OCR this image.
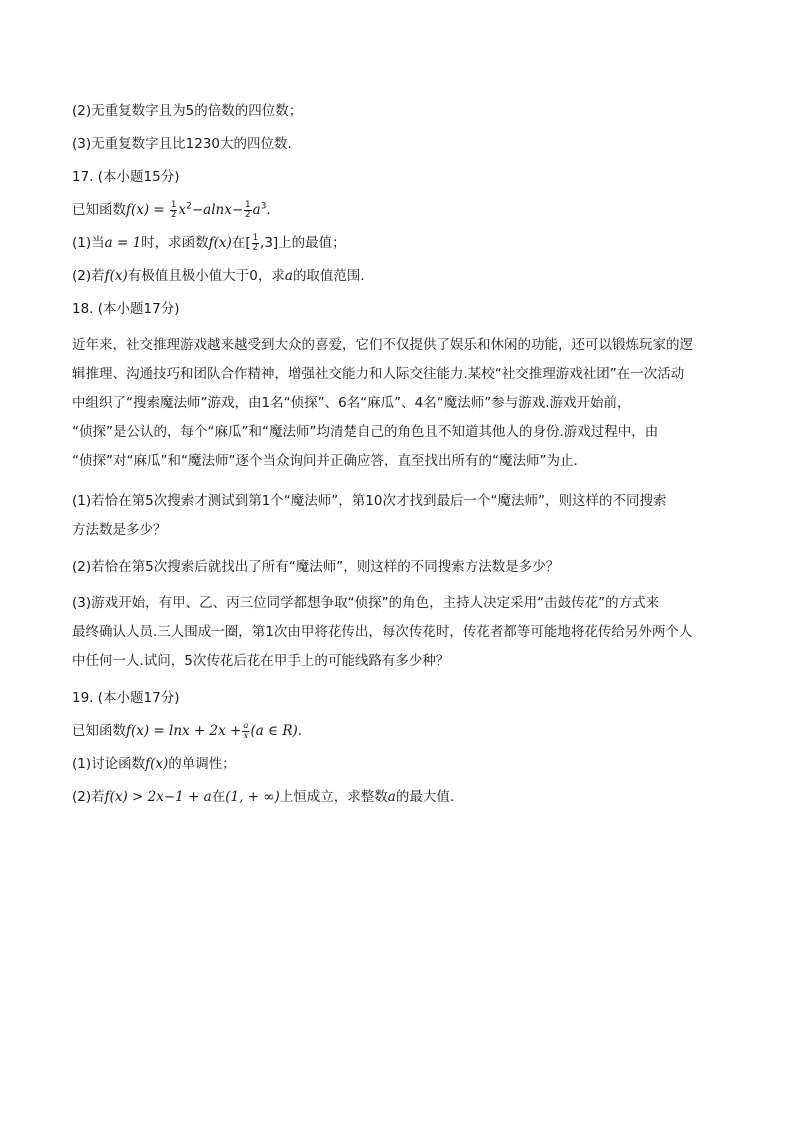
(2)无重复数字且为5的倍数的四位数；
(3)无重复数字且比1230大的四位数．
17. (本小题15分)
已知函数$f(x) = \frac{1}{2} x^2-alnx- \frac{1}{2} a^3$.
(1)当a = 1时，求函数f(x)在[ $\frac{1}{2} ,3$]上的最值；
(2)若f(x)有极值且极小值大于0，求a的取值范围．
18. (本小题17分)
近年来，社交推理游戏越来越受到大众的喜爱，它们不仅提供了娱乐和休闲的功能，还可以锻炼玩家的逻
辑推理、沟通技巧和团队合作精神，增强社交能力和人际交往能力.某校“社交推理游戏社团”在一次活动
中组织了“搜索魔法师”游戏，由1名“侦探”、6名“麻瓜”、4名“魔法师”参与游戏.游戏开始前，
“侦探”是公认的，每个“麻瓜”和“魔法师”均清楚自己的角色且不知道其他人的身份.游戏过程中，由
“侦探”对“麻瓜”和“魔法师”逐个当众询问并正确应答，直至找出所有的“魔法师”为止．
(1)若恰在第5次搜索才测试到第1个“魔法师”，第10次才找到最后一个“魔法师”，则这样的不同搜索
方法数是多少？
(2)若恰在第5次搜索后就找出了所有“魔法师”，则这样的不同搜索方法数是多少？
(3)游戏开始，有甲、乙、丙三位同学都想争取“侦探”的角色，主持人决定采用“击鼓传花”的方式来
最终确认人员.三人围成一圈，第1次由甲将花传出，每次传花时，传花者都等可能地将花传给另外两个人
中任何一人.试问，5次传花后花在甲手上的可能线路有多少种？
19. (本小题17分)
已知函数$f(x) = \ln x + 2x + \frac{a}{x} (a$ ∈ R)．
(1)讨论函数f(x)的单调性；
(2)若f(x) > 2x−1 + a在(1, + ∞)上恒成立，求整数a的最大值．
